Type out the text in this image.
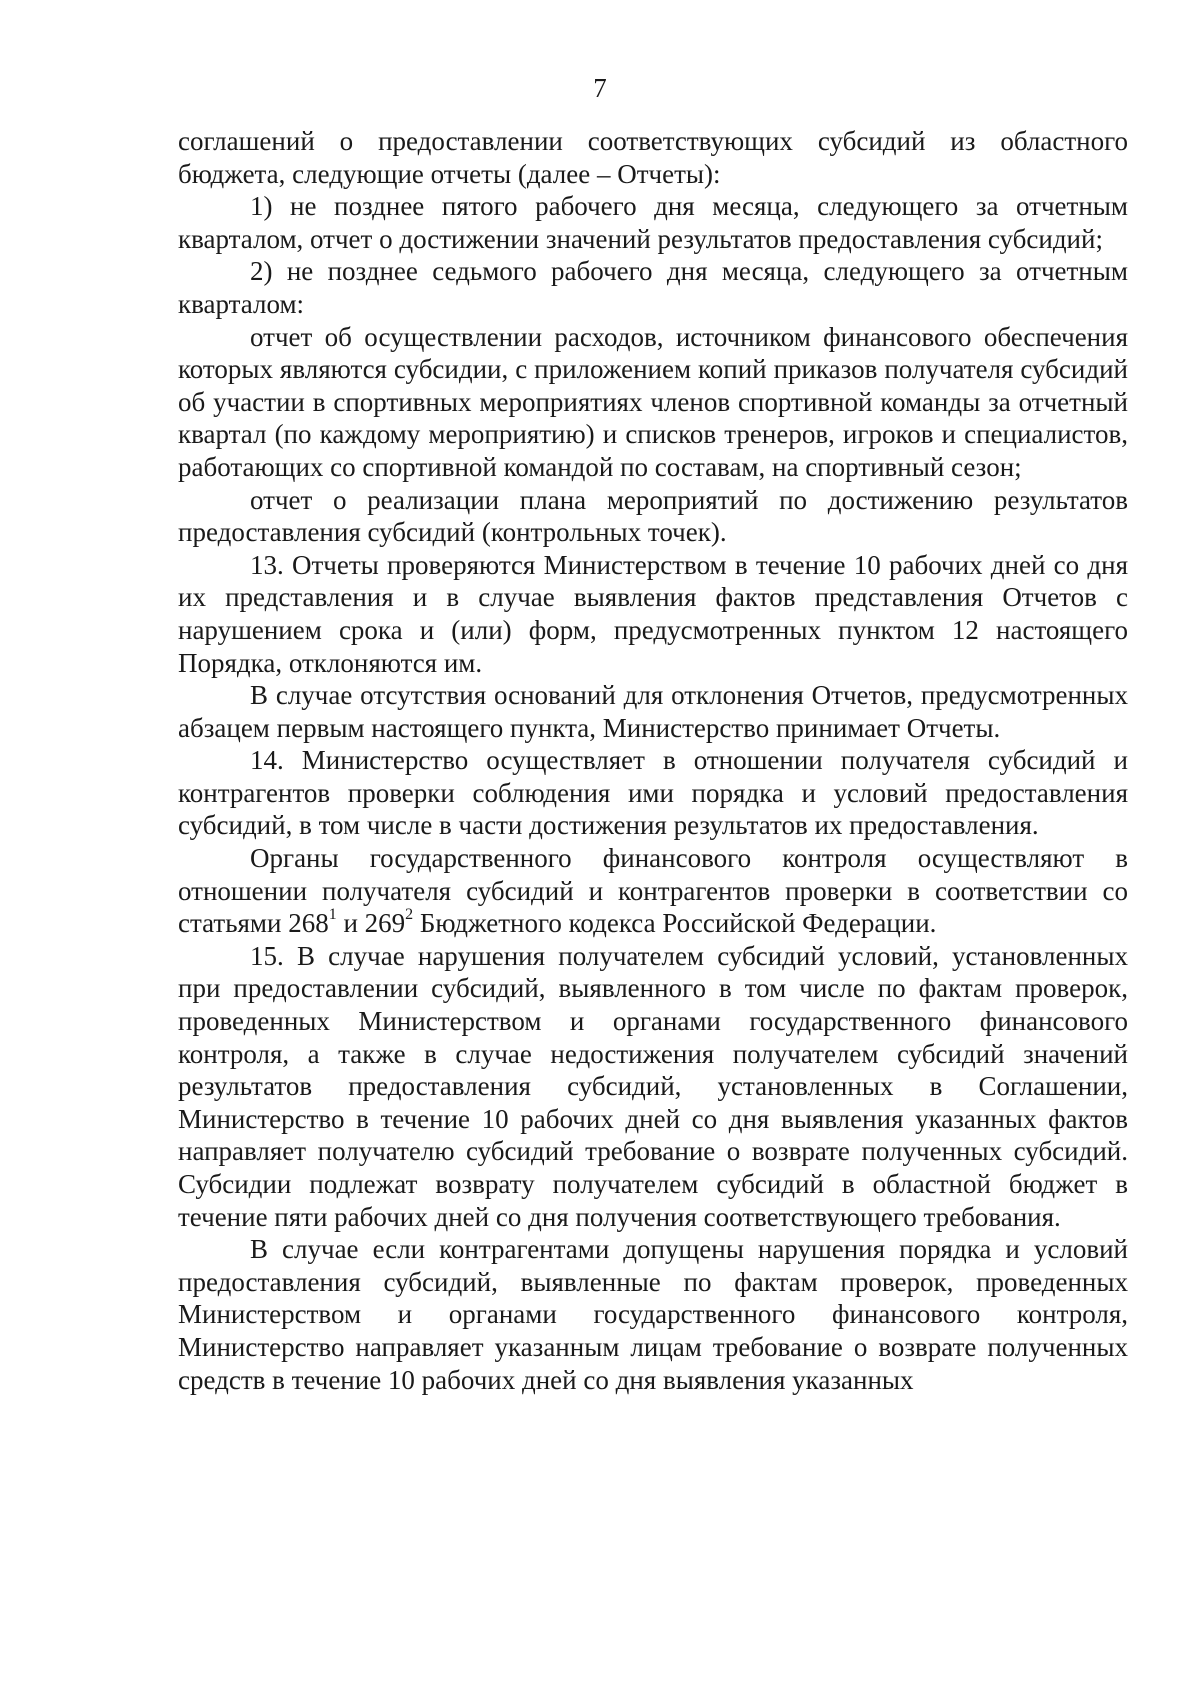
7

соглашений о предоставлении соответствующих субсидий из областного бюджета, следующие отчеты (далее – Отчеты):

1) не позднее пятого рабочего дня месяца, следующего за отчетным кварталом, отчет о достижении значений результатов предоставления субсидий;

2) не позднее седьмого рабочего дня месяца, следующего за отчетным кварталом:

отчет об осуществлении расходов, источником финансового обеспечения которых являются субсидии, с приложением копий приказов получателя субсидий об участии в спортивных мероприятиях членов спортивной команды за отчетный квартал (по каждому мероприятию) и списков тренеров, игроков и специалистов, работающих со спортивной командой по составам, на спортивный сезон;

отчет о реализации плана мероприятий по достижению результатов предоставления субсидий (контрольных точек).

13. Отчеты проверяются Министерством в течение 10 рабочих дней со дня их представления и в случае выявления фактов представления Отчетов с нарушением срока и (или) форм, предусмотренных пунктом 12 настоящего Порядка, отклоняются им.

В случае отсутствия оснований для отклонения Отчетов, предусмотренных абзацем первым настоящего пункта, Министерство принимает Отчеты.

14. Министерство осуществляет в отношении получателя субсидий и контрагентов проверки соблюдения ими порядка и условий предоставления субсидий, в том числе в части достижения результатов их предоставления.

Органы государственного финансового контроля осуществляют в отношении получателя субсидий и контрагентов проверки в соответствии со статьями $268^1$ и $269^2$ Бюджетного кодекса Российской Федерации.

15. В случае нарушения получателем субсидий условий, установленных при предоставлении субсидий, выявленного в том числе по фактам проверок, проведенных Министерством и органами государственного финансового контроля, а также в случае недостижения получателем субсидий значений результатов предоставления субсидий, установленных в Соглашении, Министерство в течение 10 рабочих дней со дня выявления указанных фактов направляет получателю субсидий требование о возврате полученных субсидий. Субсидии подлежат возврату получателем субсидий в областной бюджет в течение пяти рабочих дней со дня получения соответствующего требования.

В случае если контрагентами допущены нарушения порядка и условий предоставления субсидий, выявленные по фактам проверок, проведенных Министерством и органами государственного финансового контроля, Министерство направляет указанным лицам требование о возврате полученных средств в течение 10 рабочих дней со дня выявления указанных
